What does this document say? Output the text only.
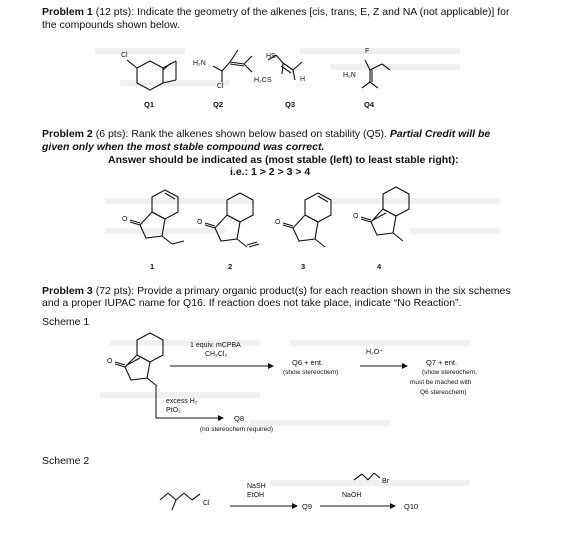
Problem 1 (12 pts): Indicate the geometry of the alkenes [cis, trans, E, Z and NA (not applicable)] for
the compounds shown below.
Cl
H₂N
Cl
HS
H₃CS	H
F
H₂N
Q1	Q2	Q3	Q4
Problem 2 (6 pts): Rank the alkenes shown below based on stability (Q5). Partial Credit will be
given only when the most stable compound was correct.
Answer should be indicated as (most stable (left) to least stable right):
i.e.: 1 > 2 > 3 > 4
O	O	O
O
1	2	3	4
Problem 3 (72 pts): Provide a primary organic product(s) for each reaction shown in the six schemes
and a proper IUPAC name for Q16. If reaction does not take place, indicate “No Reaction”.
Scheme 1
O
1 equiv. mCPBA
CH₂Cl₂
Q6 + ent.
(show stereochem)
H₃O⁺
Q7 + ent.
(show stereochem,
must be mached with
Q6 stereochem)
excess H₂
PtO₂
Q8
(no stereochem required)
Scheme 2
Cl
NaSH
EtOH
Q9
Br
NaOH
Q10
